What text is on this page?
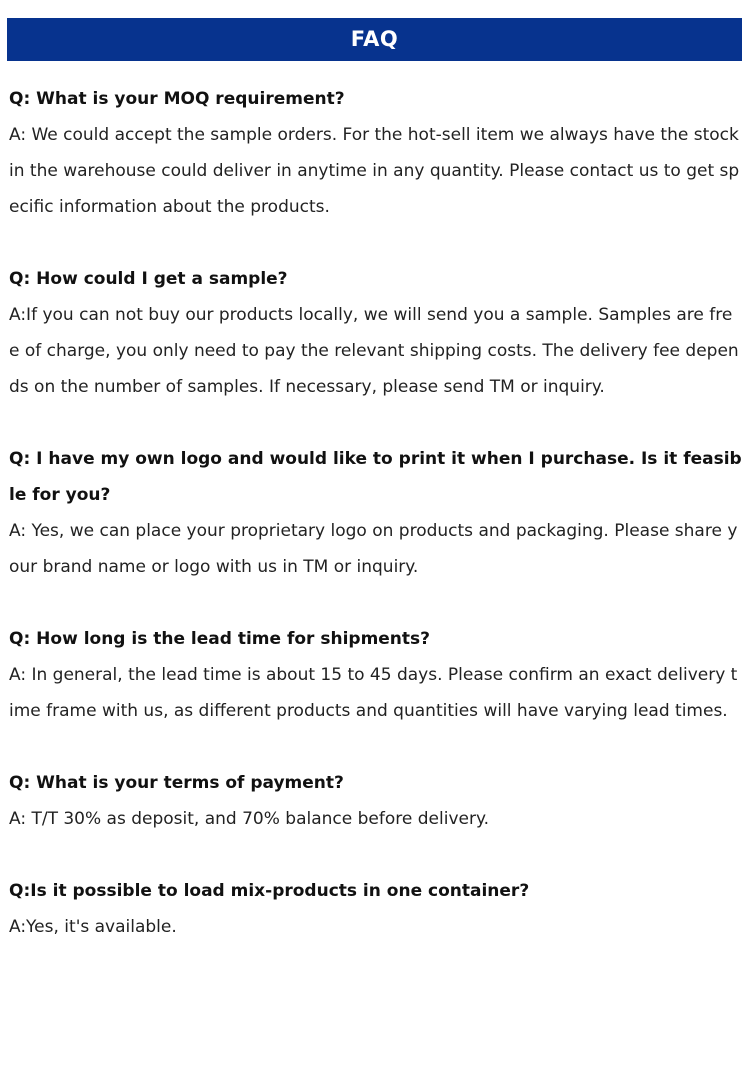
FAQ

Q: What is your MOQ requirement?

A: We could accept the sample orders. For the hot-sell item we always have the stock in the warehouse could deliver in anytime in any quantity. Please contact us to get specific information about the products.

Q: How could I get a sample?

A:If you can not buy our products locally, we will send you a sample. Samples are free of charge, you only need to pay the relevant shipping costs. The delivery fee depends on the number of samples. If necessary, please send TM or inquiry.

Q: I have my own logo and would like to print it when I purchase. Is it feasible for you?

A: Yes, we can place your proprietary logo on products and packaging. Please share your brand name or logo with us in TM or inquiry.

Q: How long is the lead time for shipments?

A: In general, the lead time is about 15 to 45 days. Please confirm an exact delivery time frame with us, as different products and quantities will have varying lead times.

Q: What is your terms of payment?

A: T/T 30% as deposit, and 70% balance before delivery.

Q:Is it possible to load mix-products in one container?

A:Yes, it's available.
